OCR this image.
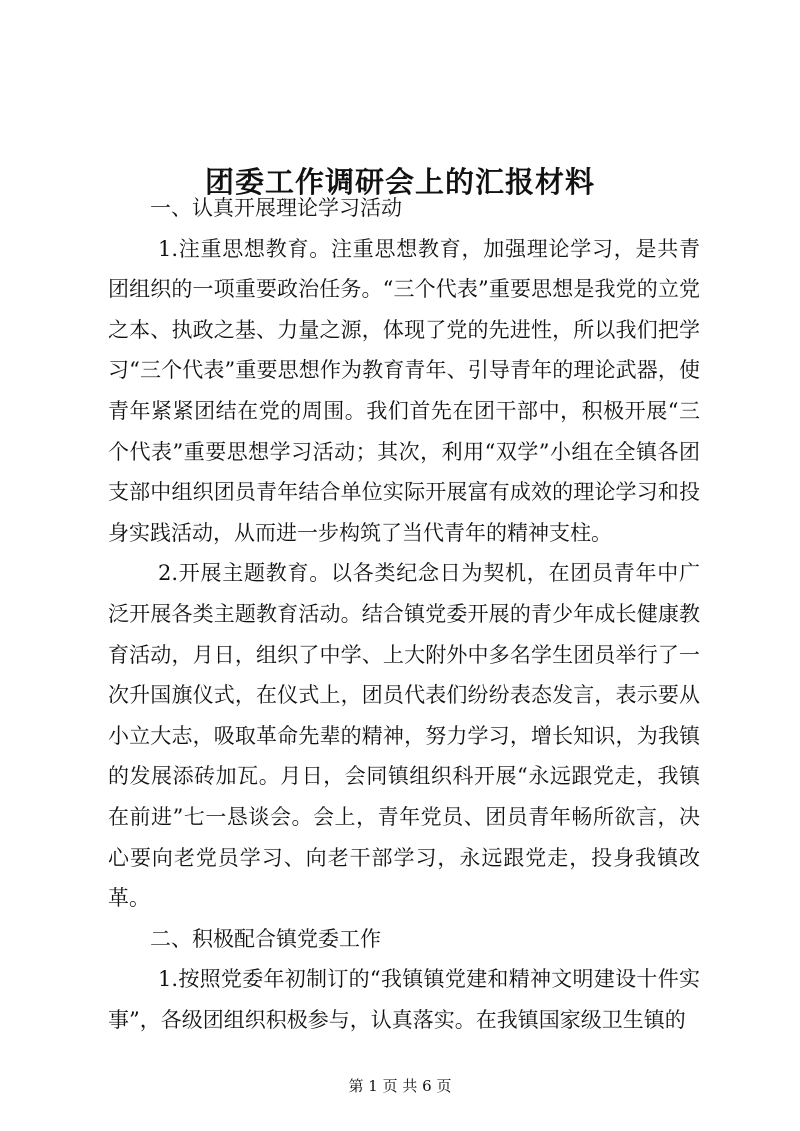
团委工作调研会上的汇报材料

一、认真开展理论学习活动

1.注重思想教育。注重思想教育，加强理论学习，是共青团组织的一项重要政治任务。“三个代表”重要思想是我党的立党之本、执政之基、力量之源，体现了党的先进性，所以我们把学习“三个代表”重要思想作为教育青年、引导青年的理论武器，使青年紧紧团结在党的周围。我们首先在团干部中，积极开展“三个代表”重要思想学习活动；其次，利用“双学”小组在全镇各团支部中组织团员青年结合单位实际开展富有成效的理论学习和投身实践活动，从而进一步构筑了当代青年的精神支柱。

2.开展主题教育。以各类纪念日为契机，在团员青年中广泛开展各类主题教育活动。结合镇党委开展的青少年成长健康教育活动，月日，组织了中学、上大附外中多名学生团员举行了一次升国旗仪式，在仪式上，团员代表们纷纷表态发言，表示要从小立大志，吸取革命先辈的精神，努力学习，增长知识，为我镇的发展添砖加瓦。月日，会同镇组织科开展“永远跟党走，我镇在前进”七一恳谈会。会上，青年党员、团员青年畅所欲言，决心要向老党员学习、向老干部学习，永远跟党走，投身我镇改革。

二、积极配合镇党委工作

1.按照党委年初制订的“我镇镇党建和精神文明建设十件实事”，各级团组织积极参与，认真落实。在我镇国家级卫生镇的

第 1 页 共 6 页
